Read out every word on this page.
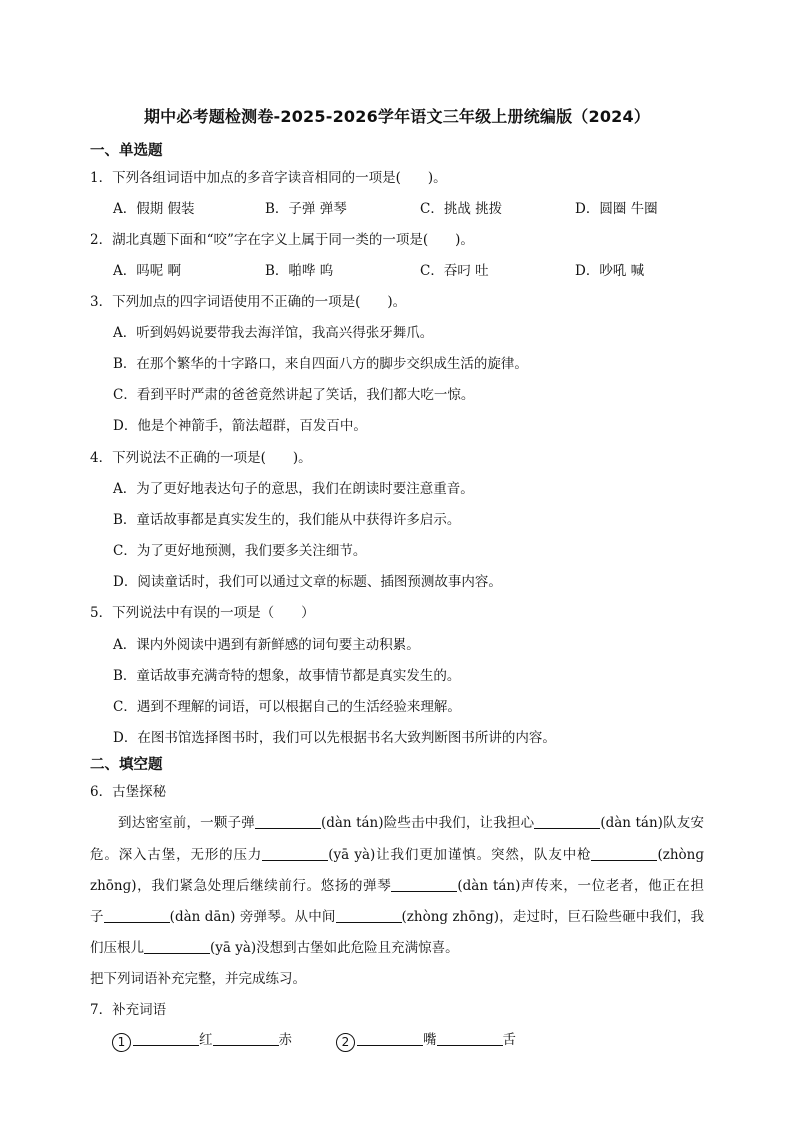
期中必考题检测卷-2025-2026学年语文三年级上册统编版（2024）
一、单选题
1．下列各组词语中加点的多音字读音相同的一项是(　　)。
A．假期 假装	B．子弹 弹琴	C．挑战 挑拨	D．圆圈 牛圈
2．湖北真题下面和“咬”字在字义上属于同一类的一项是(　　)。
A．吗呢 啊	B．啪哗 呜	C．吞叼 吐	D．吵吼 喊
3．下列加点的四字词语使用不正确的一项是(　　)。
A．听到妈妈说要带我去海洋馆，我高兴得张牙舞爪。
B．在那个繁华的十字路口，来自四面八方的脚步交织成生活的旋律。
C．看到平时严肃的爸爸竟然讲起了笑话，我们都大吃一惊。
D．他是个神箭手，箭法超群，百发百中。
4．下列说法不正确的一项是(　　)。
A．为了更好地表达句子的意思，我们在朗读时要注意重音。
B．童话故事都是真实发生的，我们能从中获得许多启示。
C．为了更好地预测，我们要多关注细节。
D．阅读童话时，我们可以通过文章的标题、插图预测故事内容。
5．下列说法中有误的一项是（　　）
A．课内外阅读中遇到有新鲜感的词句要主动积累。
B．童话故事充满奇特的想象，故事情节都是真实发生的。
C．遇到不理解的词语，可以根据自己的生活经验来理解。
D．在图书馆选择图书时，我们可以先根据书名大致判断图书所讲的内容。
二、填空题
6．古堡探秘
到达密室前，一颗子弹	(dàn tán)险些击中我们，让我担心	(dàn tán)队友安
危。深入古堡，无形的压力	(yā yà)让我们更加谨慎。突然，队友中枪	(zhònɡ
zhōnɡ)，我们紧急处理后继续前行。悠扬的弹琴	(dàn tán)声传来，一位老者，他正在担
子	(dàn dān) 旁弹琴。从中间	(zhòng zhōng)，走过时，巨石险些砸中我们，我
们压根儿	(yā yà)没想到古堡如此危险且充满惊喜。
把下列词语补充完整，并完成练习。
7．补充词语
1	红	赤	2	嘴	舌
